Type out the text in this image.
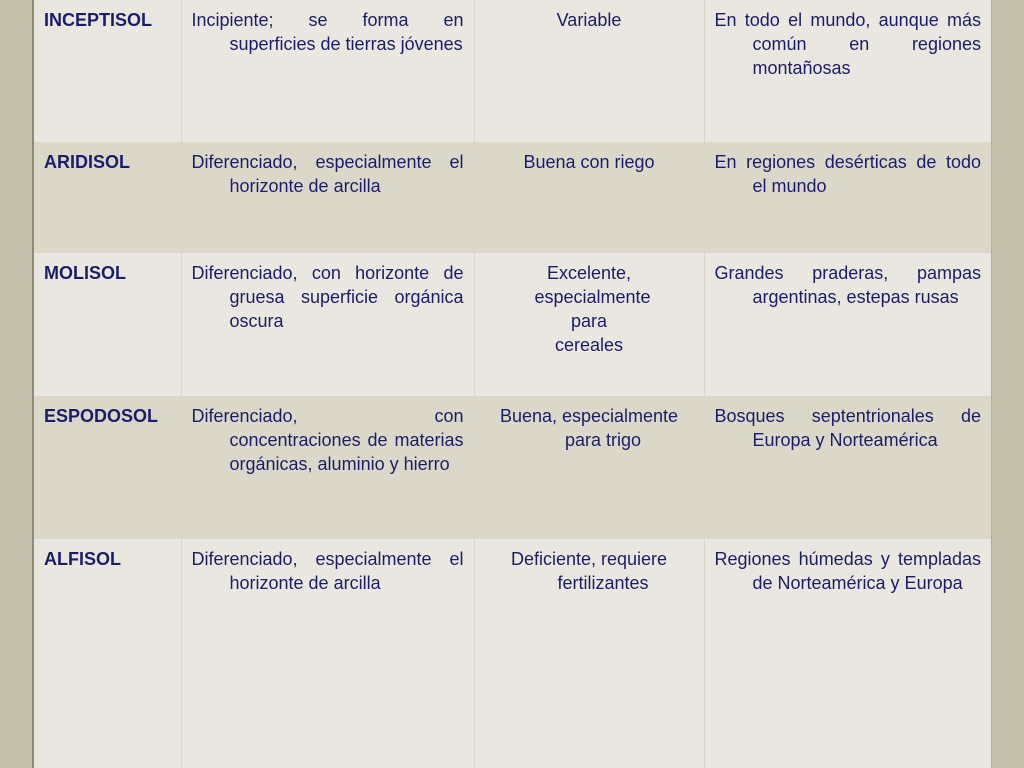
INCEPTISOL	Incipiente; se forma en superficies de tierras jóvenes	Variable	En todo el mundo, aunque más común en regiones montañosas

ARIDISOL	Diferenciado, especialmente el horizonte de arcilla	Buena con riego	En regiones desérticas de todo el mundo

MOLISOL	Diferenciado, con horizonte de gruesa superficie orgánica oscura	Excelente, especialmente para cereales	Grandes praderas, pampas argentinas, estepas rusas

ESPODOSOL	Diferenciado, con concentraciones de materias orgánicas, aluminio y hierro	Buena, especialmente para trigo	Bosques septentrionales de Europa y Norteamérica

ALFISOL	Diferenciado, especialmente el horizonte de arcilla	Deficiente, requiere fertilizantes	Regiones húmedas y templadas de Norteamérica y Europa
